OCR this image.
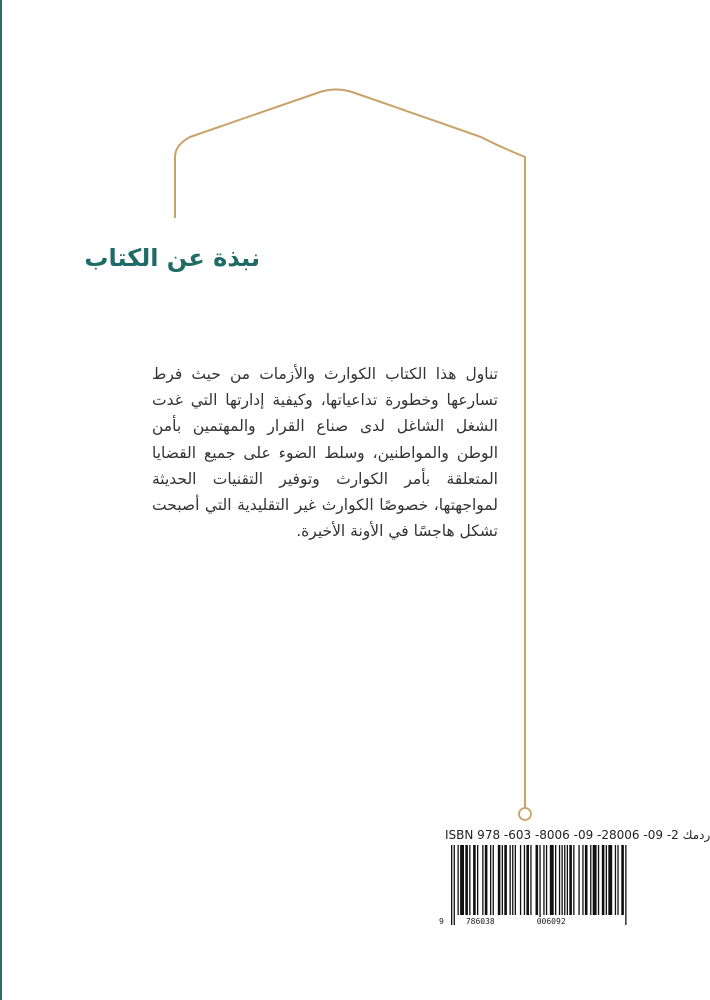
نبذة عن الكتاب

تناول هذا الكتاب الكوارث والأزمات من حيث فرط تسارعها وخطورة تداعياتها، وكيفية إدارتها التي غدت الشغل الشاغل لدى صناع القرار والمهتمين بأمن الوطن والمواطنين، وسلط الضوء على جميع القضايا المتعلقة بأمر الكوارث وتوفير التقنيات الحديثة لمواجهتها، خصوصًا الكوارث غير التقليدية التي أصبحت تشكل هاجسًا في الأونة الأخيرة.

ISBN 978 -603 -8006 -09 -2 ردمك 2- 09- 8006
9	786038	006092
